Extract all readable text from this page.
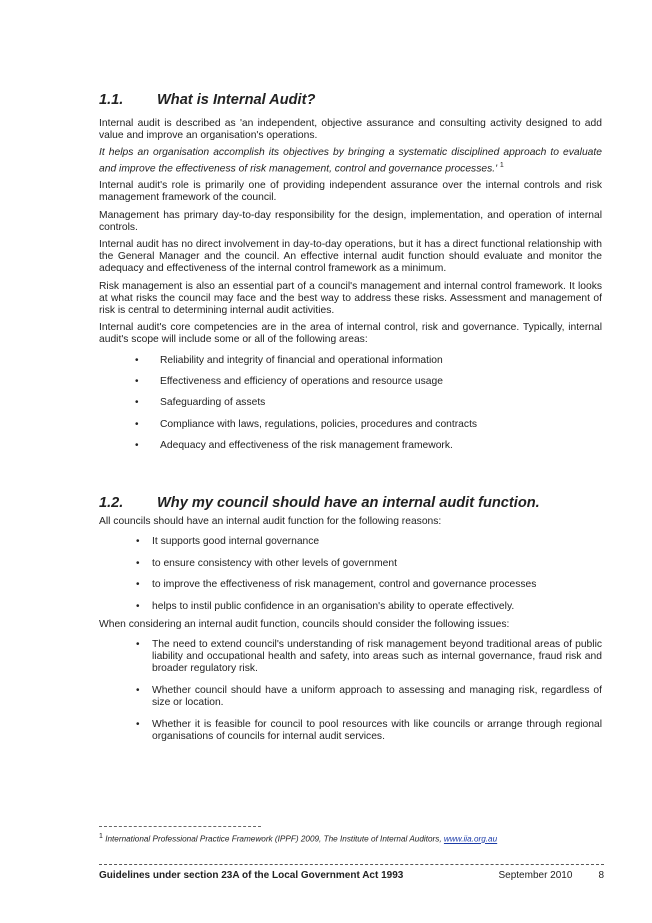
1.1.	What is Internal Audit?

Internal audit is described as 'an independent, objective assurance and consulting activity designed to add value and improve an organisation's operations.

It helps an organisation accomplish its objectives by bringing a systematic disciplined approach to evaluate and improve the effectiveness of risk management, control and governance processes.' $^1$

Internal audit's role is primarily one of providing independent assurance over the internal controls and risk management framework of the council.

Management has primary day-to-day responsibility for the design, implementation, and operation of internal controls.

Internal audit has no direct involvement in day-to-day operations, but it has a direct functional relationship with the General Manager and the council. An effective internal audit function should evaluate and monitor the adequacy and effectiveness of the internal control framework as a minimum.

Risk management is also an essential part of a council's management and internal control framework. It looks at what risks the council may face and the best way to address these risks. Assessment and management of risk is central to determining internal audit activities.

Internal audit's core competencies are in the area of internal control, risk and governance. Typically, internal audit's scope will include some or all of the following areas:

• Reliability and integrity of financial and operational information
• Effectiveness and efficiency of operations and resource usage
• Safeguarding of assets
• Compliance with laws, regulations, policies, procedures and contracts
• Adequacy and effectiveness of the risk management framework.
1.2.	Why my council should have an internal audit function.

All councils should have an internal audit function for the following reasons:

• It supports good internal governance
• to ensure consistency with other levels of government
• to improve the effectiveness of risk management, control and governance processes
• helps to instil public confidence in an organisation's ability to operate effectively.

When considering an internal audit function, councils should consider the following issues:

• The need to extend council's understanding of risk management beyond traditional areas of public liability and occupational health and safety, into areas such as internal governance, fraud risk and broader regulatory risk.
• Whether council should have a uniform approach to assessing and managing risk, regardless of size or location.
• Whether it is feasible for council to pool resources with like councils or arrange through regional organisations of councils for internal audit services.
1 International Professional Practice Framework (IPPF) 2009, The Institute of Internal Auditors, www.iia.org.au
Guidelines under section 23A of the Local Government Act 1993	September 2010	8
